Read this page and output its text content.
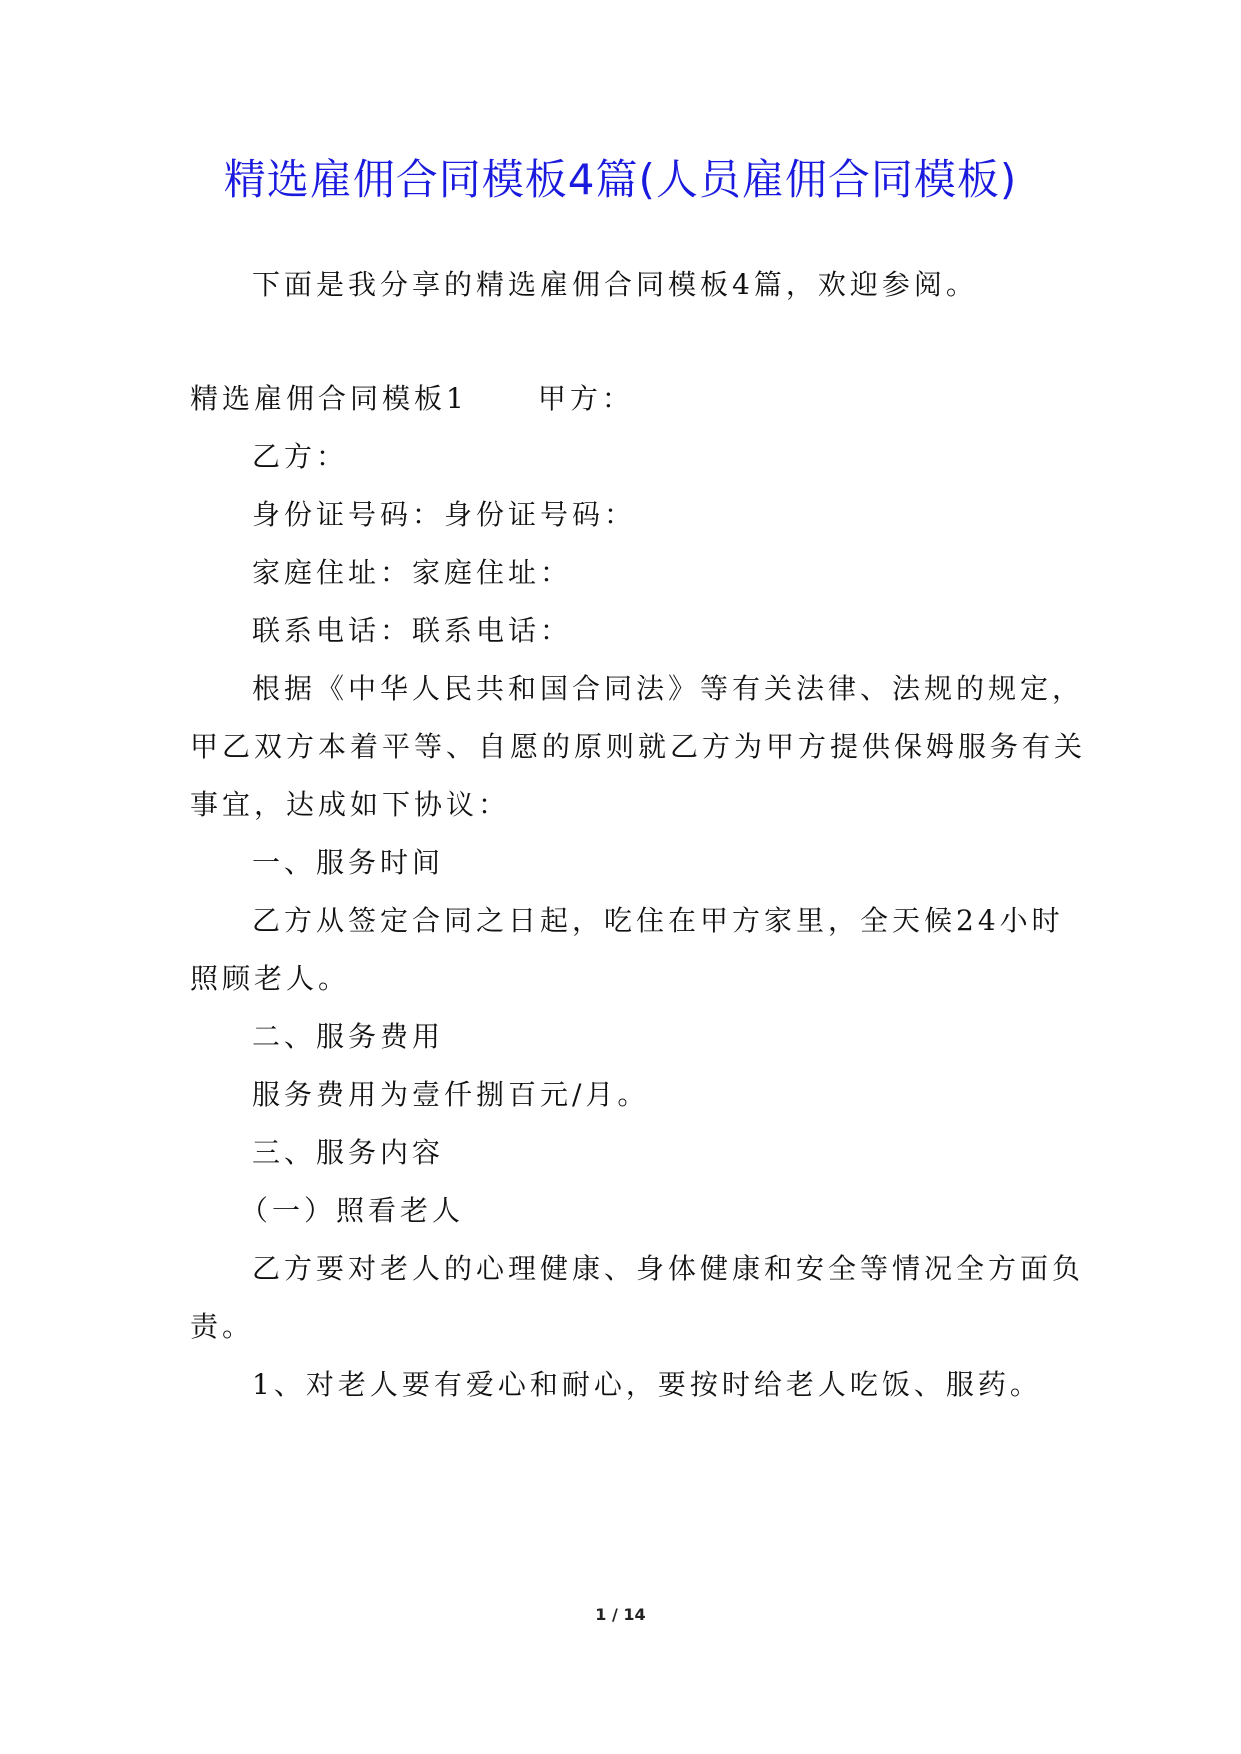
精选雇佣合同模板4篇(人员雇佣合同模板)
下面是我分享的精选雇佣合同模板4篇，欢迎参阅。
精选雇佣合同模板1	甲方：
乙方：
身份证号码：身份证号码：
家庭住址：家庭住址：
联系电话：联系电话：
根据《中华人民共和国合同法》等有关法律、法规的规定，
甲乙双方本着平等、自愿的原则就乙方为甲方提供保姆服务有关
事宜，达成如下协议：
一、服务时间
乙方从签定合同之日起，吃住在甲方家里，全天候24小时
照顾老人。
二、服务费用
服务费用为壹仟捌百元/月。
三、服务内容
（一）照看老人
乙方要对老人的心理健康、身体健康和安全等情况全方面负
责。
1、对老人要有爱心和耐心，要按时给老人吃饭、服药。
1 / 14
